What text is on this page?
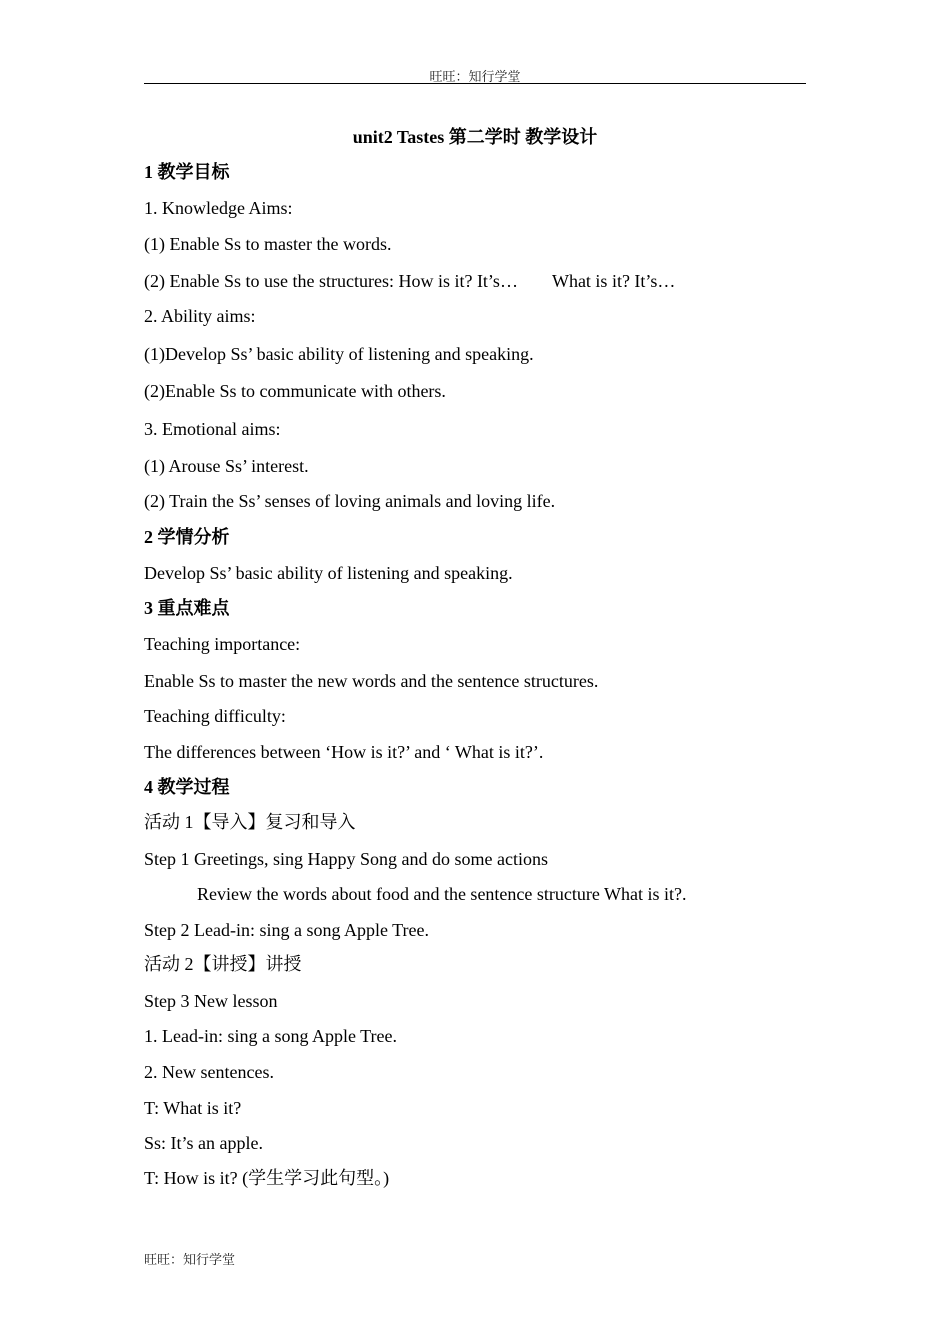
旺旺：知行学堂
unit2 Tastes 第二学时 教学设计
1 教学目标
1. Knowledge Aims:
(1) Enable Ss to master the words.
(2) Enable Ss to use the structures: How is it? It’s… What is it? It’s…
2. Ability aims:
(1)Develop Ss’ basic ability of listening and speaking.
(2)Enable Ss to communicate with others.
3. Emotional aims:
(1) Arouse Ss’ interest.
(2) Train the Ss’ senses of loving animals and loving life.
2 学情分析
Develop Ss’ basic ability of listening and speaking.
3 重点难点
Teaching importance:
Enable Ss to master the new words and the sentence structures.
Teaching difficulty:
The differences between ‘How is it?’ and ‘ What is it?’.
4 教学过程
活动 1【导入】复习和导入
Step 1 Greetings, sing Happy Song and do some actions
Review the words about food and the sentence structure What is it?.
Step 2 Lead-in: sing a song Apple Tree.
活动 2【讲授】讲授
Step 3 New lesson
1. Lead-in: sing a song Apple Tree.
2. New sentences.
T: What is it?
Ss: It’s an apple.
T: How is it? (学生学习此句型。)
旺旺：知行学堂
